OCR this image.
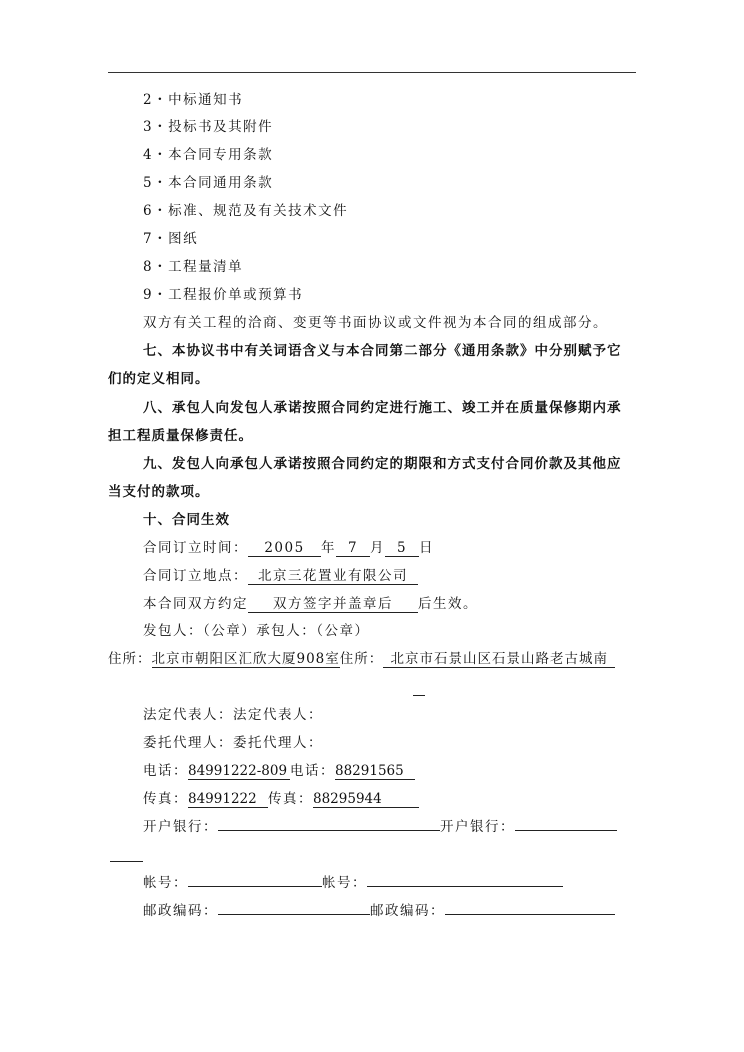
2・中标通知书
3・投标书及其附件
4・本合同专用条款
5・本合同通用条款
6・标准、规范及有关技术文件
7・图纸
8・工程量清单
9・工程报价单或预算书
双方有关工程的洽商、变更等书面协议或文件视为本合同的组成部分。
七、本协议书中有关词语含义与本合同第二部分《通用条款》中分别赋予它
们的定义相同。
八、承包人向发包人承诺按照合同约定进行施工、竣工并在质量保修期内承
担工程质量保修责任。
九、发包人向承包人承诺按照合同约定的期限和方式支付合同价款及其他应
当支付的款项。
十、合同生效
合同订立时间： 2005 年 7 月 5 日
合同订立地点： 北京三花置业有限公司
本合同双方约定 双方签字并盖章后 后生效。
发包人：（公章）承包人：（公章）
住所：北京市朝阳区汇欣大厦908室住所： 北京市石景山区石景山路老古城南
法定代表人：法定代表人：
委托代理人：委托代理人：
电话：84991222-809 电话：88291565
传真：84991222 传真：88295944
开户银行：	开户银行：
帐号：	帐号：
邮政编码：	邮政编码：
